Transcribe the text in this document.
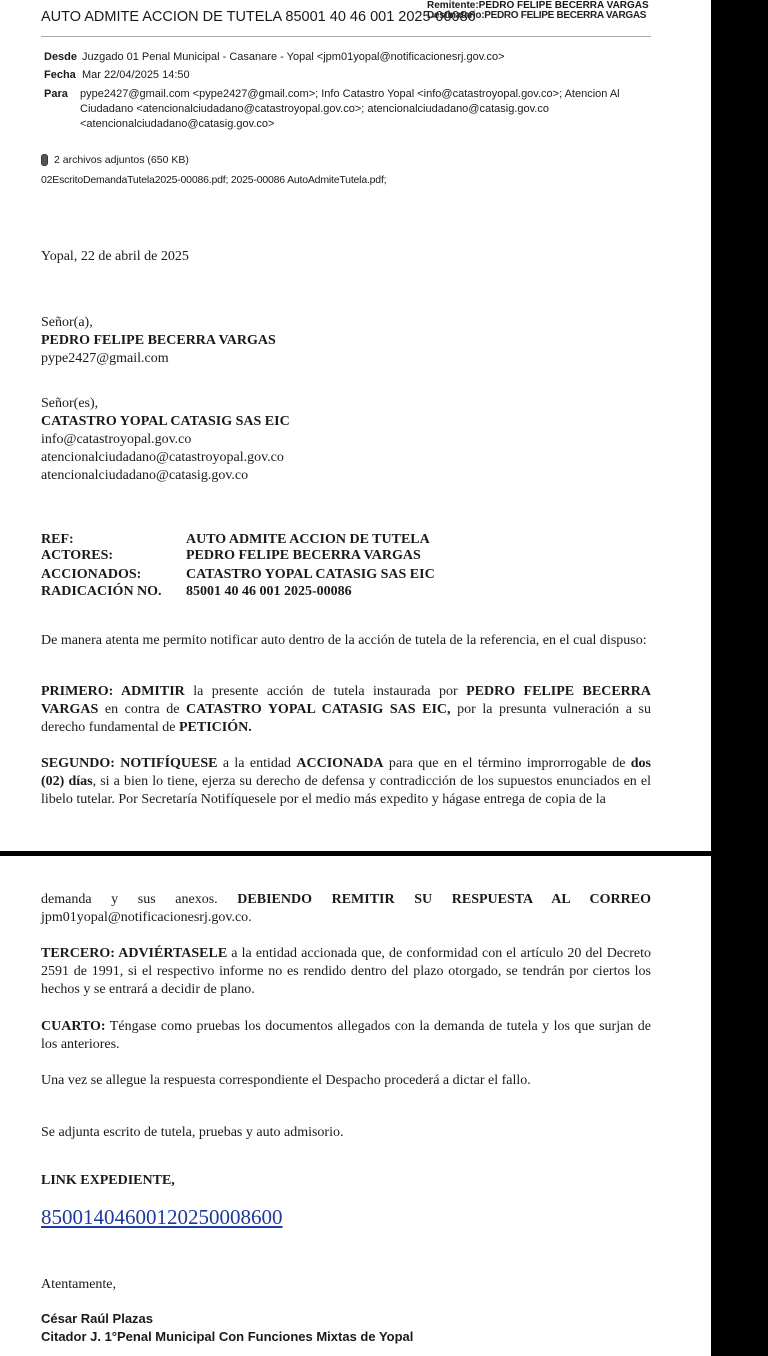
Remitente:PEDRO FELIPE BECERRA VARGAS
AUTO ADMITE ACCION DE TUTELA 85001 40 46 001 2025-00086
Destinatario:PEDRO FELIPE BECERRA VARGAS
Desde Juzgado 01 Penal Municipal - Casanare - Yopal <jpm01yopal@notificacionesrj.gov.co>
Fecha Mar 22/04/2025 14:50
Para pype2427@gmail.com <pype2427@gmail.com>; Info Catastro Yopal <info@catastroyopal.gov.co>; Atencion Al Ciudadano <atencionalciudadano@catastroyopal.gov.co>; atencionalciudadano@catasig.gov.co <atencionalciudadano@catasig.gov.co>
2 archivos adjuntos (650 KB)
02EscritoDemandaTutela2025-00086.pdf; 2025-00086 AutoAdmiteTutela.pdf;
Yopal, 22 de abril de 2025
Señor(a),
PEDRO FELIPE BECERRA VARGAS
pype2427@gmail.com
Señor(es),
CATASTRO YOPAL CATASIG SAS EIC
info@catastroyopal.gov.co
atencionalciudadano@catastroyopal.gov.co
atencionalciudadano@catasig.gov.co
REF:	AUTO ADMITE ACCION DE TUTELA
ACTORES:	PEDRO FELIPE BECERRA VARGAS
ACCIONADOS:	CATASTRO YOPAL CATASIG SAS EIC
RADICACIÓN NO. 85001 40 46 001 2025-00086
De manera atenta me permito notificar auto dentro de la acción de tutela de la referencia, en el cual dispuso:
PRIMERO: ADMITIR la presente acción de tutela instaurada por PEDRO FELIPE BECERRA VARGAS en contra de CATASTRO YOPAL CATASIG SAS EIC, por la presunta vulneración a su derecho fundamental de PETICIÓN.
SEGUNDO: NOTIFÍQUESE a la entidad ACCIONADA para que en el término improrrogable de dos (02) días, si a bien lo tiene, ejerza su derecho de defensa y contradicción de los supuestos enunciados en el libelo tutelar. Por Secretaría Notifíquesele por el medio más expedito y hágase entrega de copia de la
demanda y sus anexos. DEBIENDO REMITIR SU RESPUESTA AL CORREO jpm01yopal@notificacionesrj.gov.co.
TERCERO: ADVIÉRTASELE a la entidad accionada que, de conformidad con el artículo 20 del Decreto 2591 de 1991, si el respectivo informe no es rendido dentro del plazo otorgado, se tendrán por ciertos los hechos y se entrará a decidir de plano.
CUARTO: Téngase como pruebas los documentos allegados con la demanda de tutela y los que surjan de los anteriores.
Una vez se allegue la respuesta correspondiente el Despacho procederá a dictar el fallo.
Se adjunta escrito de tutela, pruebas y auto admisorio.
LINK EXPEDIENTE,
85001404600120250008600
Atentamente,
César Raúl Plazas
Citador J. 1°Penal Municipal Con Funciones Mixtas de Yopal
